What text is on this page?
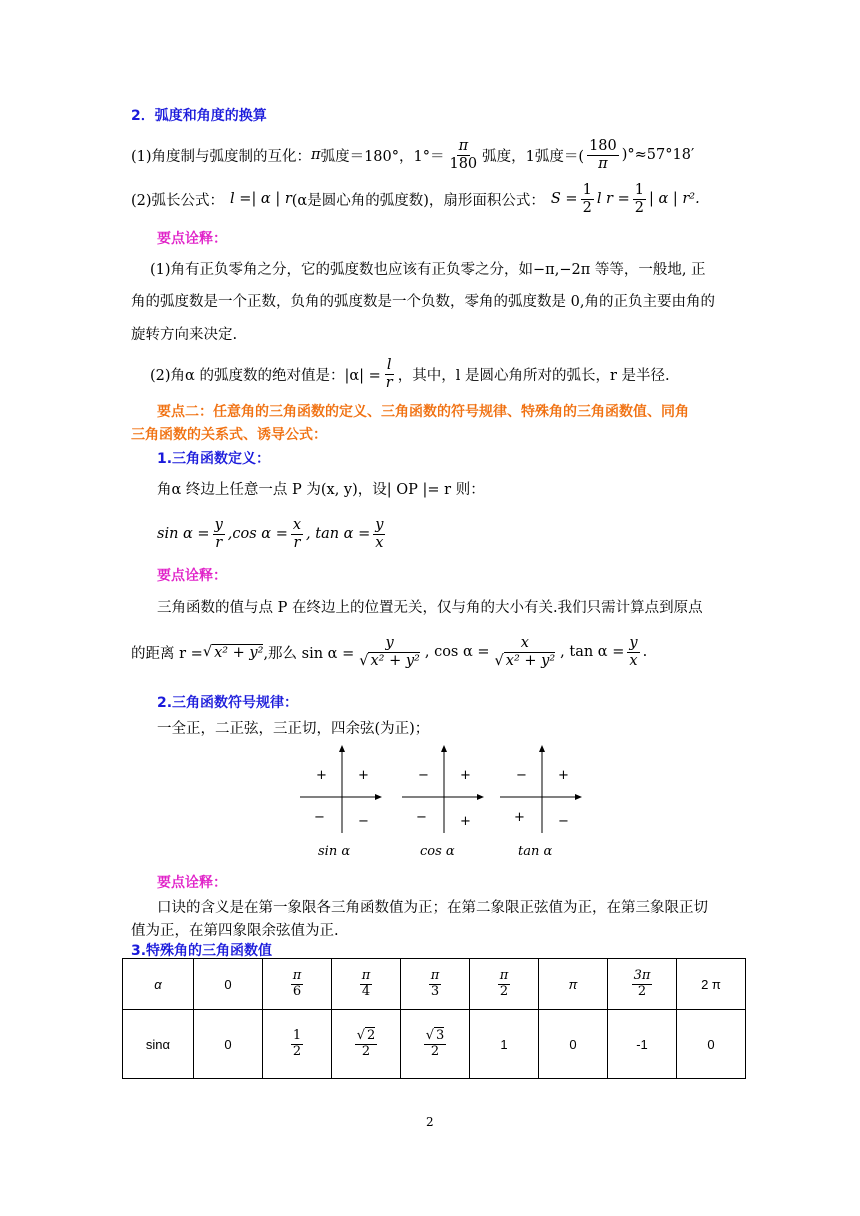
2．弧度和角度的换算
(1)角度制与弧度制的互化： π 弧度＝180°，$1^\circ= \frac{\pi}{180}$ 弧度，1弧度＝( $\frac{180}{\pi} )^\circ\approx 57^\circ 18'$
(2)弧长公式： l =| α | r (α是圆心角的弧度数)，扇形面积公式： $S = \frac{1}{2}$ l $r = \frac{1}{2}$ | α | r².
要点诠释：
(1)角有正负零角之分，它的弧度数也应该有正负零之分，如−π,−2π 等等，一般地, 正
角的弧度数是一个正数，负角的弧度数是一个负数，零角的弧度数是 0,角的正负主要由角的
旋转方向来决定.
(2)角α 的弧度数的绝对值是：$|\alpha| = \frac{l}{r}$ ，其中，l 是圆心角所对的弧长，r 是半径.
要点二：任意角的三角函数的定义、三角函数的符号规律、特殊角的三角函数值、同角
三角函数的关系式、诱导公式：
1.三角函数定义：
角α 终边上任意一点 P 为(x, y)，设| OP |= r 则：
$\sin \alpha = \frac{y}{r} ,\cos$ $\alpha = \frac{x}{r}$ , $\tan \alpha = \frac{y}{x}$
要点诠释：
三角函数的值与点 P 在终边上的位置无关，仅与角的大小有关.我们只需计算点到原点
的距离 r = √ x² + y² ,那么 $\sin \alpha = \frac{y}{\text{√ x² + y²}}$ , $\cos \alpha = \frac{x}{\text{√ x² + y²}}$ , $\tan \alpha = \frac{y}{x}$ .
2.三角函数符号规律：
一全正，二正弦，三正切，四余弦(为正)；
+ +
−	−
sin α
− +
−	+
cos α
− +
+	−
tan α
要点诠释：
口诀的含义是在第一象限各三角函数值为正；在第二象限正弦值为正，在第三象限正切
值为正，在第四象限余弦值为正.
3.特殊角的三角函数值
α	0	$\frac{\pi}{6}$	$\frac{\pi}{4}$	$\frac{\pi}{3}$	$\frac{\pi}{2}$	π	$\frac{3\pi}{2}$	2 π
sinα	0	$\frac{1}{2}$	$\frac{√ 2}{2}$	$\frac{√ 3}{2}$	1	0	-1	0
2
